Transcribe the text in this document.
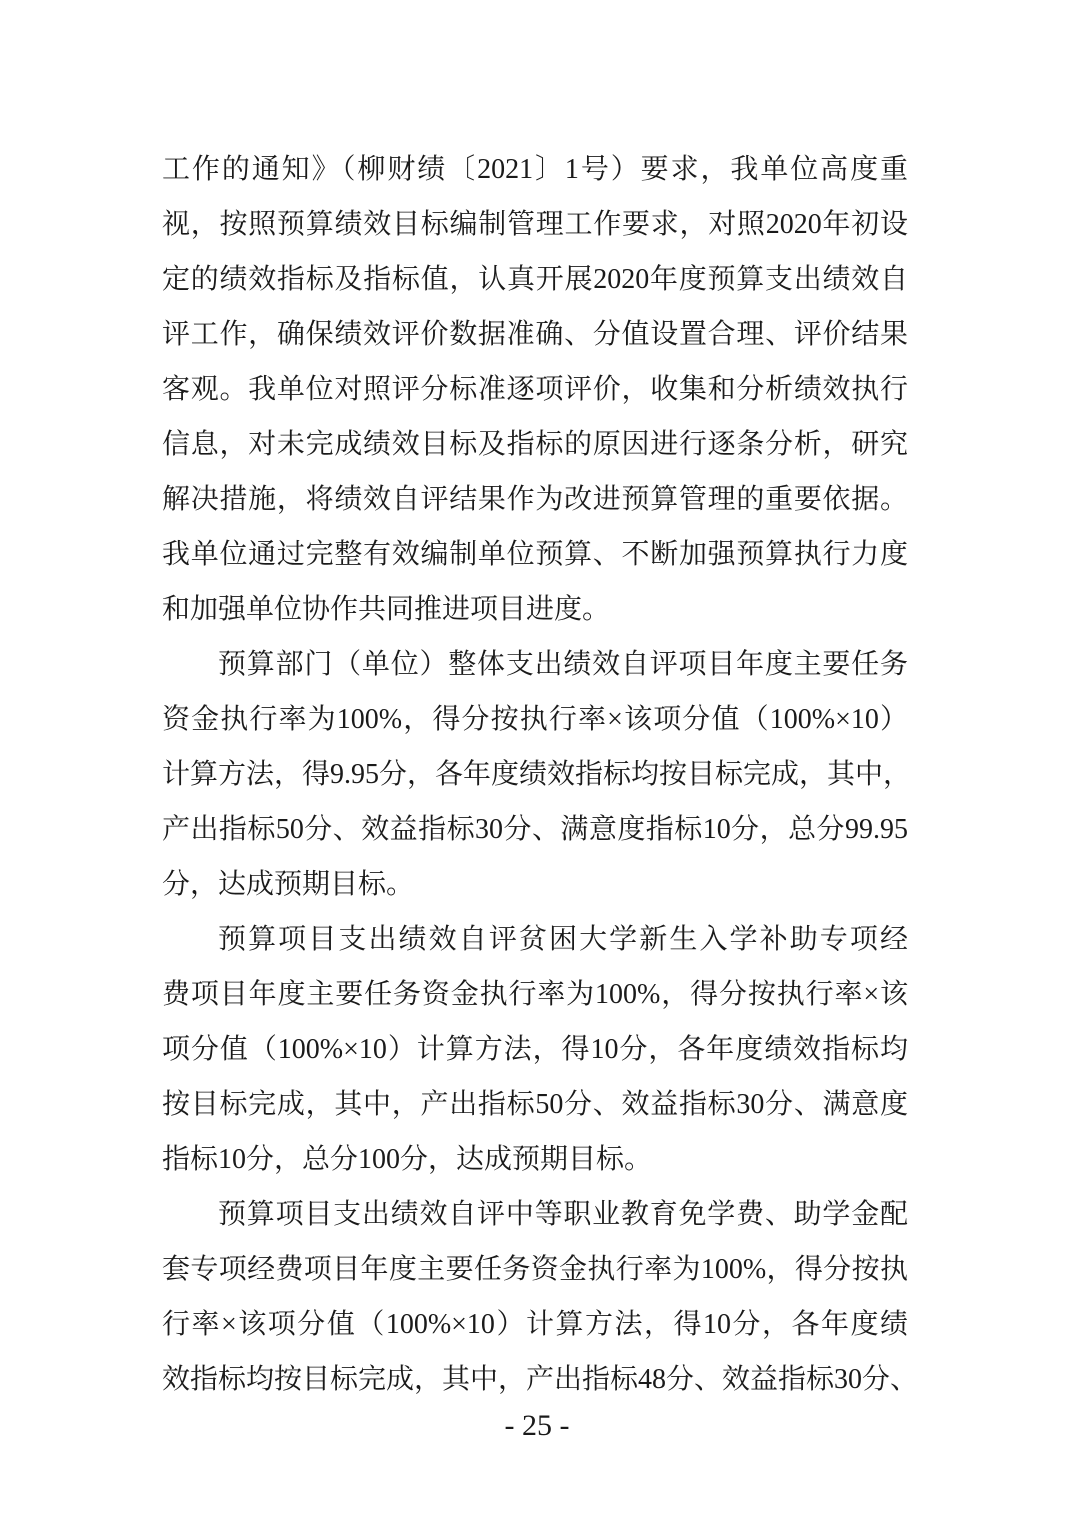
工作的通知》（柳财绩〔2021〕1号）要求，我单位高度重
视，按照预算绩效目标编制管理工作要求，对照2020年初设
定的绩效指标及指标值，认真开展2020年度预算支出绩效自
评工作，确保绩效评价数据准确、分值设置合理、评价结果
客观。我单位对照评分标准逐项评价，收集和分析绩效执行
信息，对未完成绩效目标及指标的原因进行逐条分析，研究
解决措施，将绩效自评结果作为改进预算管理的重要依据。
我单位通过完整有效编制单位预算、不断加强预算执行力度
和加强单位协作共同推进项目进度。
预算部门（单位）整体支出绩效自评项目年度主要任务
资金执行率为100%，得分按执行率×该项分值（100%×10）
计算方法，得9.95分，各年度绩效指标均按目标完成，其中，
产出指标50分、效益指标30分、满意度指标10分，总分99.95
分，达成预期目标。
预算项目支出绩效自评贫困大学新生入学补助专项经
费项目年度主要任务资金执行率为100%，得分按执行率×该
项分值（100%×10）计算方法，得10分，各年度绩效指标均
按目标完成，其中，产出指标50分、效益指标30分、满意度
指标10分，总分100分，达成预期目标。
预算项目支出绩效自评中等职业教育免学费、助学金配
套专项经费项目年度主要任务资金执行率为100%，得分按执
行率×该项分值（100%×10）计算方法，得10分，各年度绩
效指标均按目标完成，其中，产出指标48分、效益指标30分、
- 25 -
